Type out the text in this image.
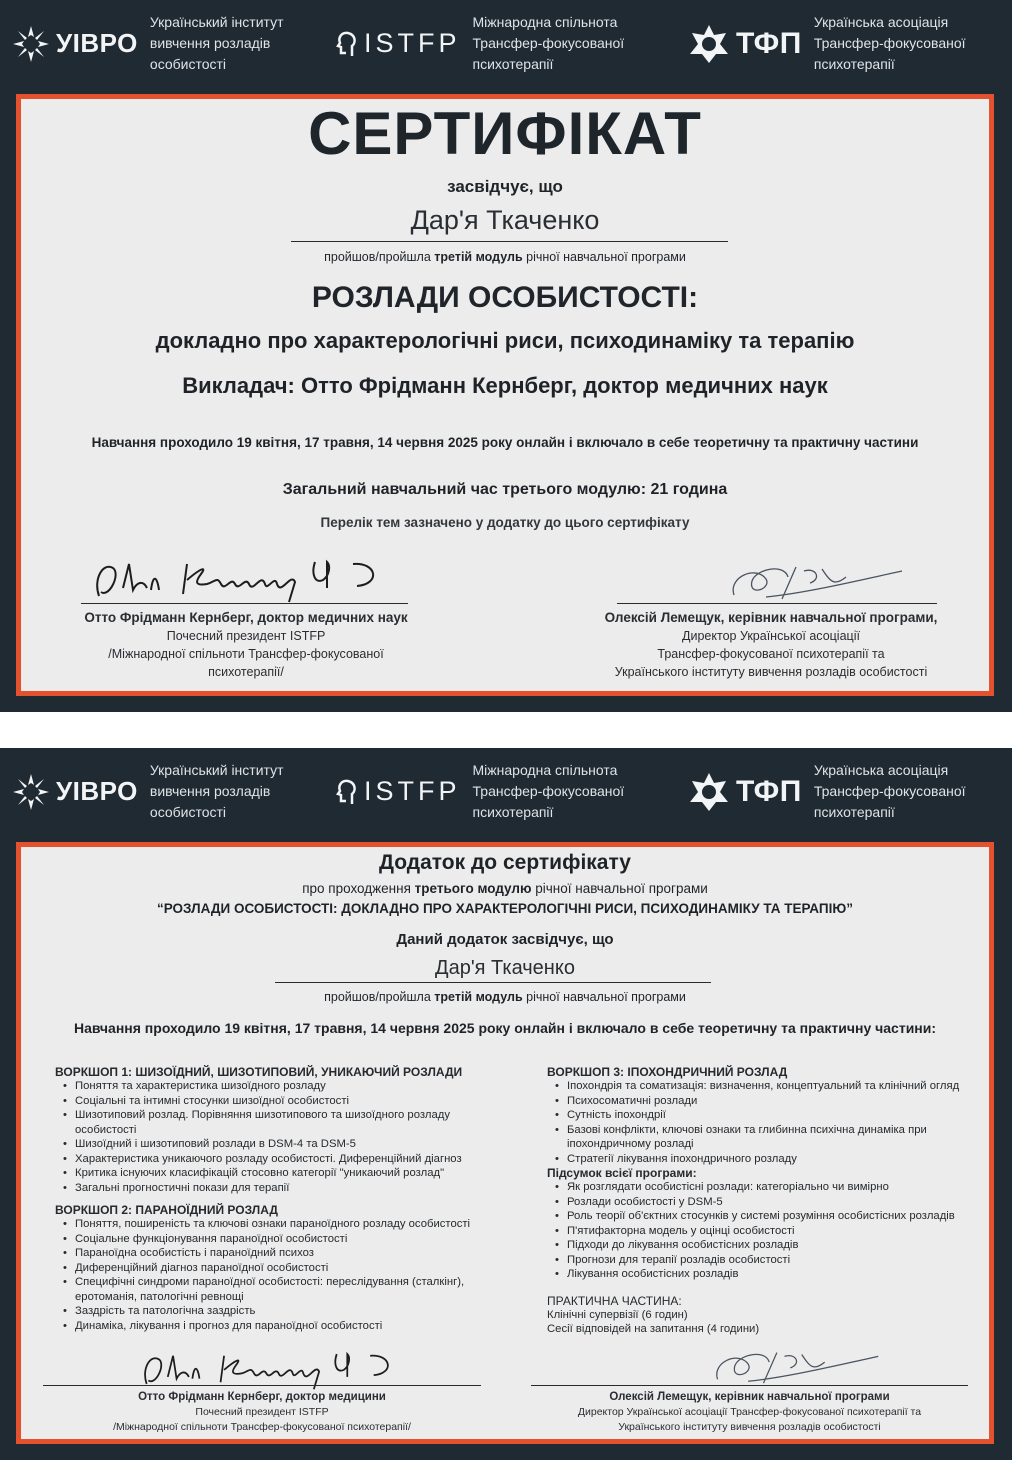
УІВРО
Український інститут
вивчення розладів
особистості
ISTFP
Міжнародна спільнота
Трансфер-фокусованої
психотерапії
ТФП
Українська асоціація
Трансфер-фокусованої
психотерапії
СЕРТИФІКАТ
засвідчує, що
Дар'я Ткаченко
пройшов/пройшла третій модуль річної навчальної програми
РОЗЛАДИ ОСОБИСТОСТІ:
докладно про характерологічні риси, психодинаміку та терапію
Викладач: Отто Фрідманн Кернберг, доктор медичних наук
Навчання проходило 19 квітня, 17 травня, 14 червня 2025 року онлайн і включало в себе теоретичну та практичну частини
Загальний навчальний час третього модулю: 21 година
Перелік тем зазначено у додатку до цього сертифікату
Отто Фрідманн Кернберг, доктор медичних наук
Почесний президент ISTFP
/Міжнародної спільноти Трансфер-фокусованої
психотерапії/
Олексій Лемещук, керівник навчальної програми,
Директор Української асоціації
Трансфер-фокусованої психотерапії та
Українського інституту вивчення розладів особистості
УІВРО
Український інститут
вивчення розладів
особистості
ISTFP
Міжнародна спільнота
Трансфер-фокусованої
психотерапії
ТФП
Українська асоціація
Трансфер-фокусованої
психотерапії
Додаток до сертифікату
про проходження третього модулю річної навчальної програми
“РОЗЛАДИ ОСОБИСТОСТІ: ДОКЛАДНО ПРО ХАРАКТЕРОЛОГІЧНІ РИСИ, ПСИХОДИНАМІКУ ТА ТЕРАПІЮ”
Даний додаток засвідчує, що
Дар'я Ткаченко
пройшов/пройшла третій модуль річної навчальної програми
Навчання проходило 19 квітня, 17 травня, 14 червня 2025 року онлайн і включало в себе теоретичну та практичну частини:
ВОРКШОП 1: ШИЗОЇДНИЙ, ШИЗОТИПОВИЙ, УНИКАЮЧИЙ РОЗЛАДИ
• Поняття та характеристика шизоїдного розладу
• Соціальні та інтимні стосунки шизоїдної особистості
• Шизотиповий розлад. Порівняння шизотипового та шизоїдного розладу особистості
• Шизоїдний і шизотиповий розлади в DSM-4 та DSM-5
• Характеристика уникаючого розладу особистості. Диференційний діагноз
• Критика існуючих класифікацій стосовно категорії "уникаючий розлад"
• Загальні прогностичні покази для терапії
ВОРКШОП 2: ПАРАНОЇДНИЙ РОЗЛАД
• Поняття, поширеність та ключові ознаки параноїдного розладу особистості
• Соціальне функціонування параноїдної особистості
• Параноїдна особистість і параноїдний психоз
• Диференційний діагноз параноїдної особистості
• Специфічні синдроми параноїдної особистості: переслідування (сталкінг), еротоманія, патологічні ревнощі
• Заздрість та патологічна заздрість
• Динаміка, лікування і прогноз для параноїдної особистості
ВОРКШОП 3: ІПОХОНДРИЧНИЙ РОЗЛАД
• Іпохондрія та соматизація: визначення, концептуальний та клінічний огляд
• Психосоматичні розлади
• Сутність іпохондрії
• Базові конфлікти, ключові ознаки та глибинна психічна динаміка при іпохондричному розладі
• Стратегії лікування іпохондричного розладу
Підсумок всієї програми:
• Як розглядати особистісні розлади: категоріально чи вимірно
• Розлади особистості у DSM-5
• Роль теорії об'єктних стосунків у системі розуміння особистісних розладів
• П'ятифакторна модель у оцінці особистості
• Підходи до лікування особистісних розладів
• Прогнози для терапії розладів особистості
• Лікування особистісних розладів
ПРАКТИЧНА ЧАСТИНА:
Клінічні супервізії (6 годин)
Сесії відповідей на запитання (4 години)
Отто Фрідманн Кернберг, доктор медицини
Почесний президент ISTFP
/Міжнародної спільноти Трансфер-фокусованої психотерапії/
Олексій Лемещук, керівник навчальної програми
Директор Української асоціації Трансфер-фокусованої психотерапії та
Українського інституту вивчення розладів особистості
